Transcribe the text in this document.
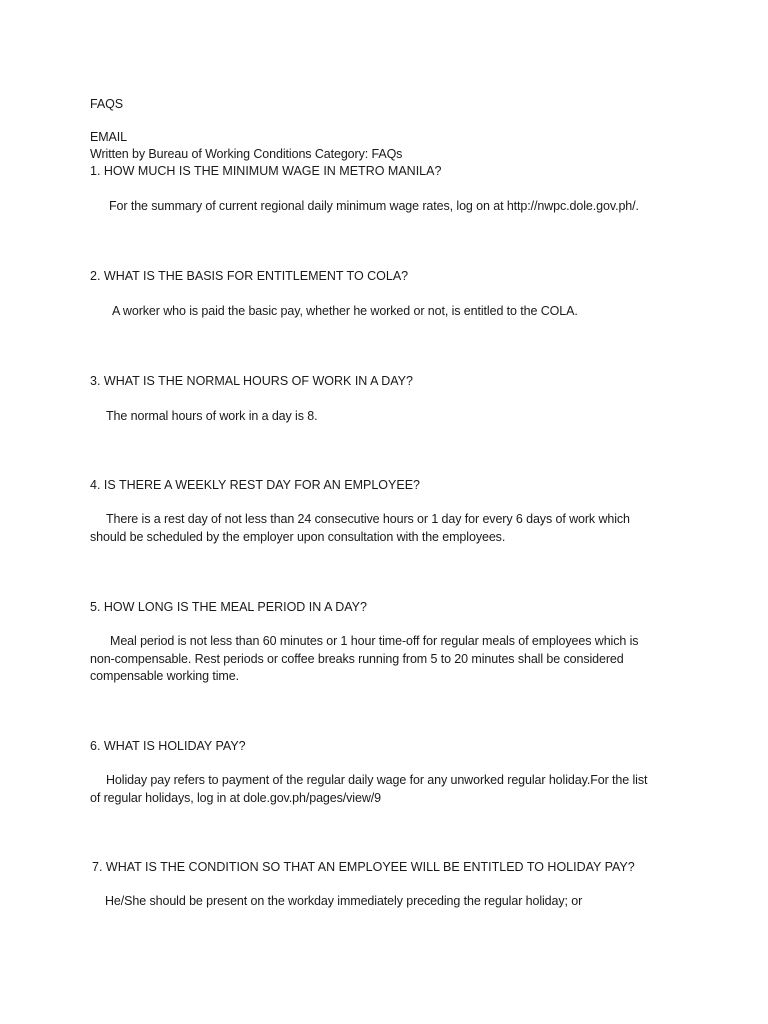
FAQS

EMAIL

Written by Bureau of Working Conditions Category: FAQs

1. HOW MUCH IS THE MINIMUM WAGE IN METRO MANILA?

For the summary of current regional daily minimum wage rates, log on at http://nwpc.dole.gov.ph/.

2. WHAT IS THE BASIS FOR ENTITLEMENT TO COLA?

A worker who is paid the basic pay, whether he worked or not, is entitled to the COLA.

3. WHAT IS THE NORMAL HOURS OF WORK IN A DAY?

The normal hours of work in a day is 8.

4. IS THERE A WEEKLY REST DAY FOR AN EMPLOYEE?

There is a rest day of not less than 24 consecutive hours or 1 day for every 6 days of work which

should be scheduled by the employer upon consultation with the employees.

5. HOW LONG IS THE MEAL PERIOD IN A DAY?

Meal period is not less than 60 minutes or 1 hour time-off for regular meals of employees which is

non-compensable. Rest periods or coffee breaks running from 5 to 20 minutes shall be considered

compensable working time.

6. WHAT IS HOLIDAY PAY?

Holiday pay refers to payment of the regular daily wage for any unworked regular holiday.For the list

of regular holidays, log in at dole.gov.ph/pages/view/9

7. WHAT IS THE CONDITION SO THAT AN EMPLOYEE WILL BE ENTITLED TO HOLIDAY PAY?

He/She should be present on the workday immediately preceding the regular holiday; or
